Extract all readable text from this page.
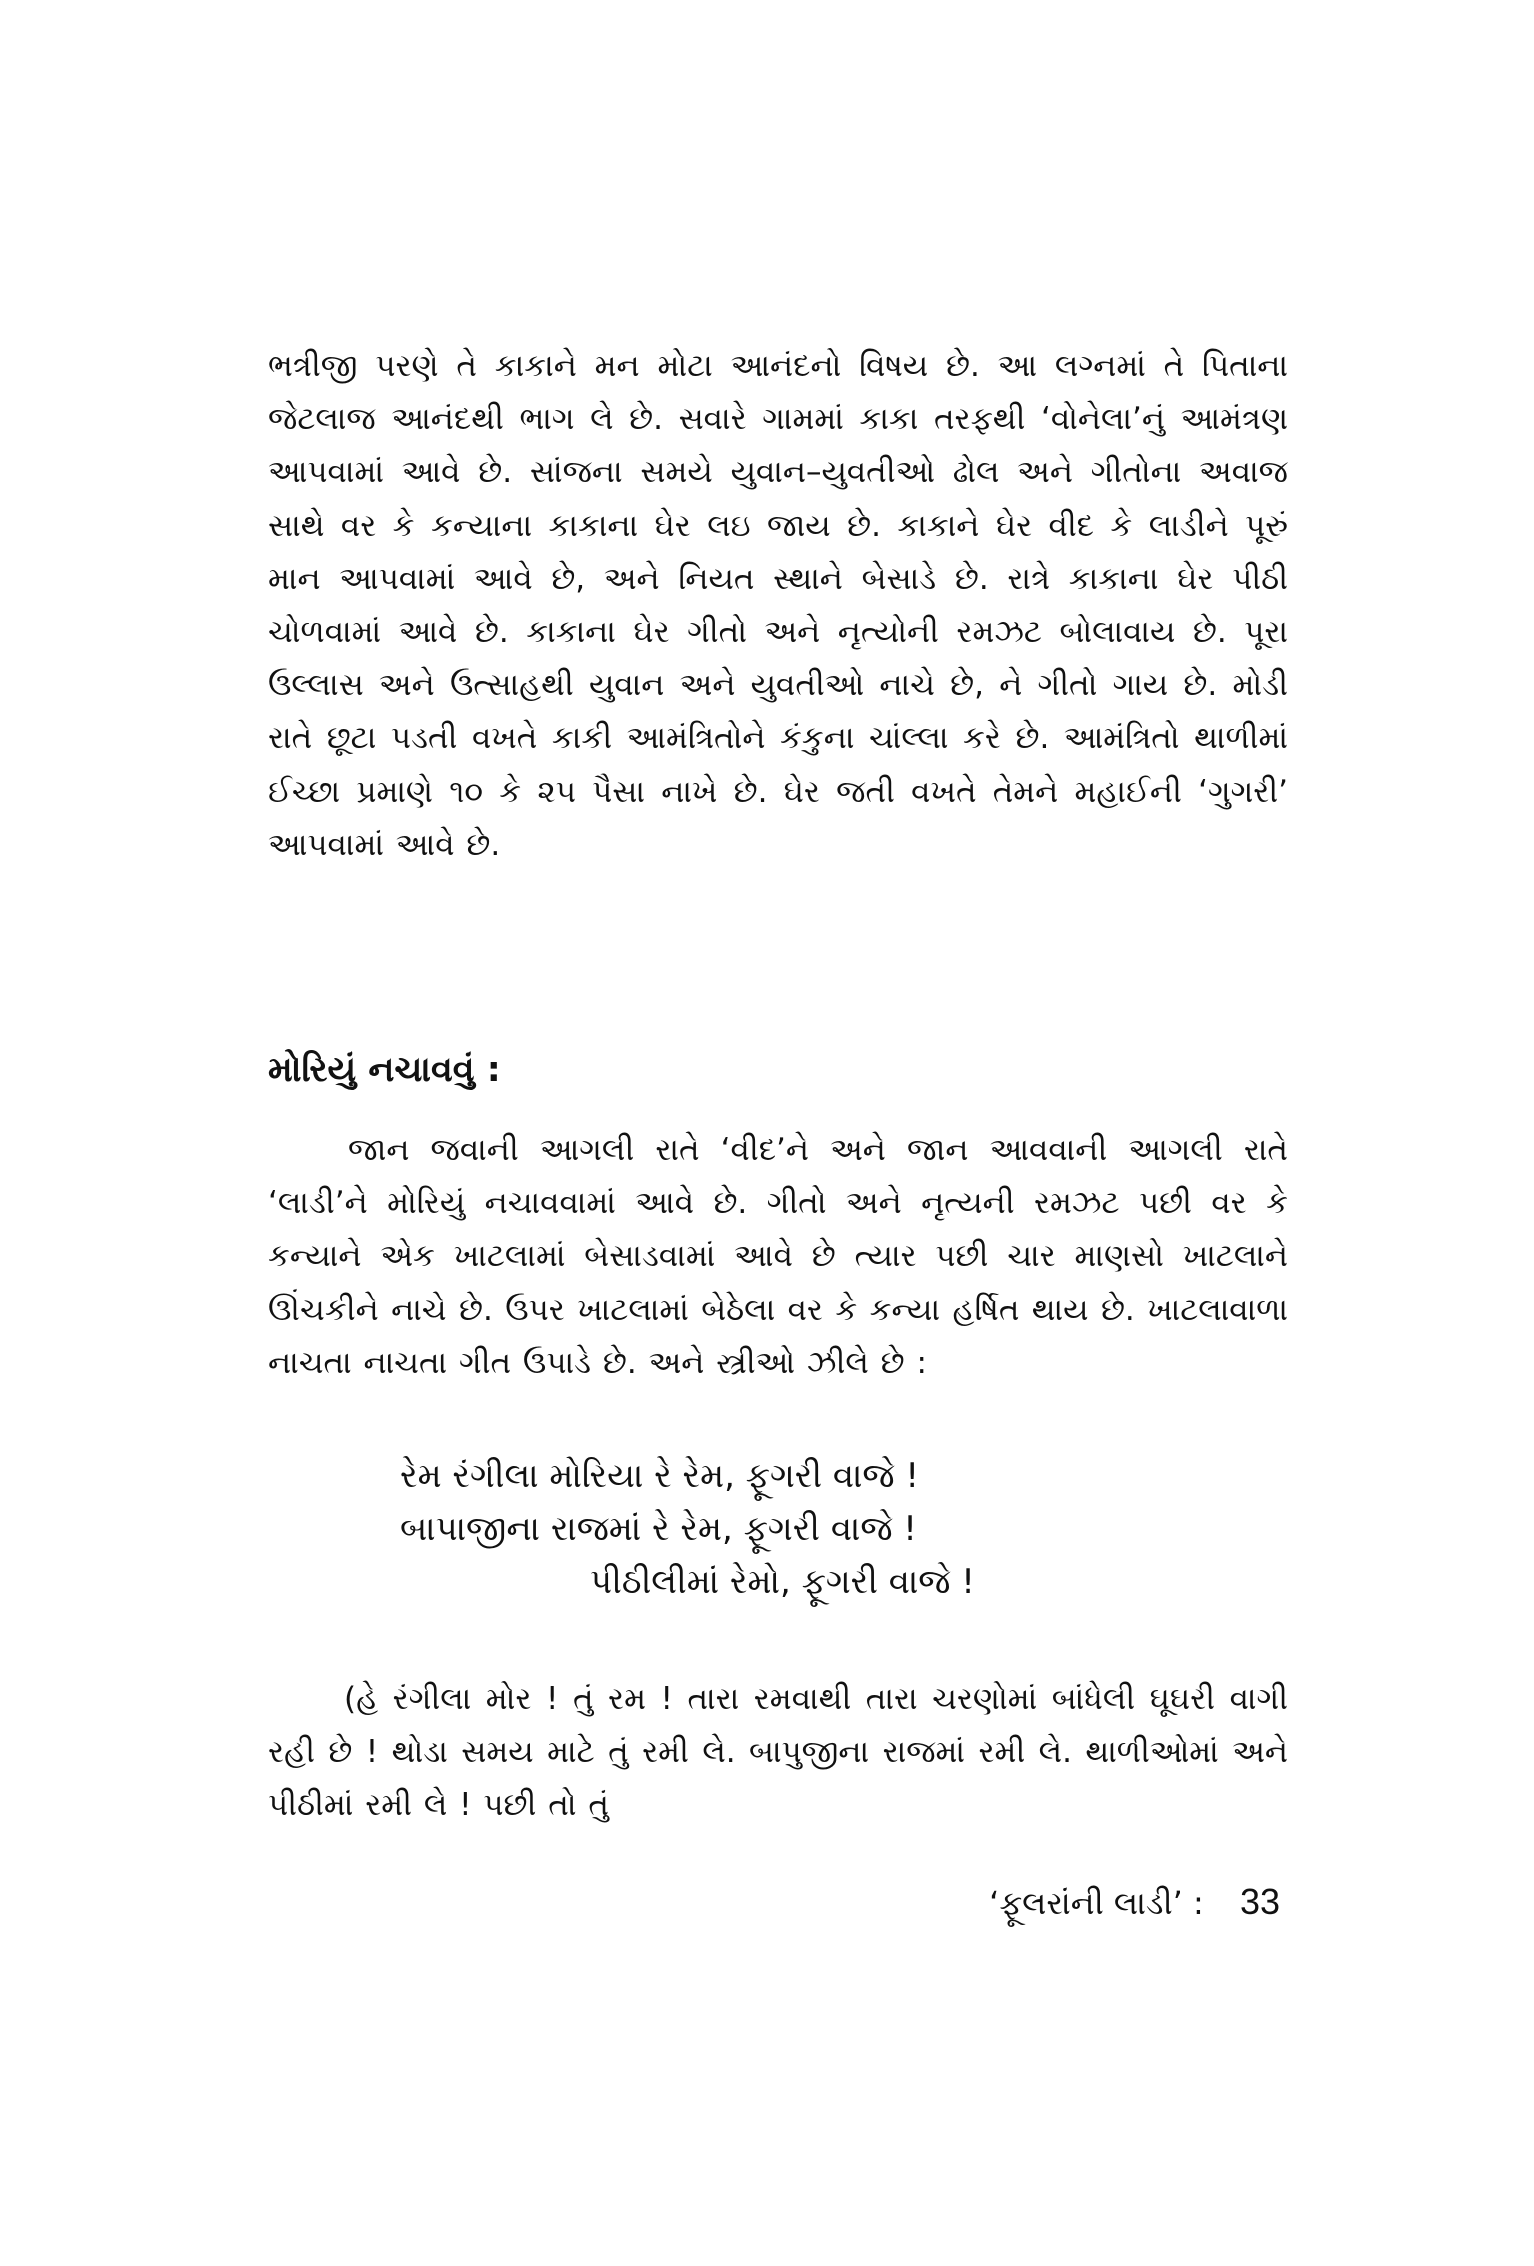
ભત્રીજી પરણે તે કાકાને મન મોટા આનંદનો વિષય છે. આ લગ્નમાં તે પિતાના જેટલાજ આનંદથી ભાગ લે છે. સવારે ગામમાં કાકા તરફથી ‘વોનેલા’નું આમંત્રણ આપવામાં આવે છે. સાંજના સમયે યુવાન–યુવતીઓ ઢોલ અને ગીતોના અવાજ સાથે વર કે કન્યાના કાકાના ઘેર લઇ જાય છે. કાકાને ઘેર વીદ કે લાડીને પૂરું માન આપવામાં આવે છે, અને નિયત સ્થાને બેસાડે છે. રાત્રે કાકાના ઘેર પીઠી ચોળવામાં આવે છે. કાકાના ઘેર ગીતો અને નૃત્યોની રમઝટ બોલાવાય છે. પૂરા ઉલ્લાસ અને ઉત્સાહથી યુવાન અને યુવતીઓ નાચે છે, ને ગીતો ગાય છે. મોડી રાતે છૂટા પડતી વખતે કાકી આમંત્રિતોને કંકુના ચાંલ્લા કરે છે. આમંત્રિતો થાળીમાં ઈચ્છા પ્રમાણે ૧૦ કે ૨૫ પૈસા નાખે છે. ઘેર જતી વખતે તેમને મહાઈની ‘ગુગરી’ આપવામાં આવે છે.

મોરિયું નચાવવું :

જાન જવાની આગલી રાતે ‘વીદ’ને અને જાન આવવાની આગલી રાતે ‘લાડી’ને મોરિયું નચાવવામાં આવે છે. ગીતો અને નૃત્યની રમઝટ પછી વર કે કન્યાને એક ખાટલામાં બેસાડવામાં આવે છે ત્યાર પછી ચાર માણસો ખાટલાને ઊંચકીને નાચે છે. ઉપર ખાટલામાં બેઠેલા વર કે કન્યા હર્ષિત થાય છે. ખાટલાવાળા નાચતા નાચતા ગીત ઉપાડે છે. અને સ્ત્રીઓ ઝીલે છે :

રેમ રંગીલા મોરિયા રે રેમ, ફૂગરી વાજે !
બાપાજીના રાજમાં રે રેમ, ફૂગરી વાજે !
પીઠીલીમાં રેમો, ફૂગરી વાજે !

(હે રંગીલા મોર ! તું રમ ! તારા રમવાથી તારા ચરણોમાં બાંધેલી ઘૂઘરી વાગી રહી છે ! થોડા સમય માટે તું રમી લે. બાપુજીના રાજમાં રમી લે. થાળીઓમાં અને પીઠીમાં રમી લે ! પછી તો તું

‘ફૂલરાંની લાડી’ : 33
